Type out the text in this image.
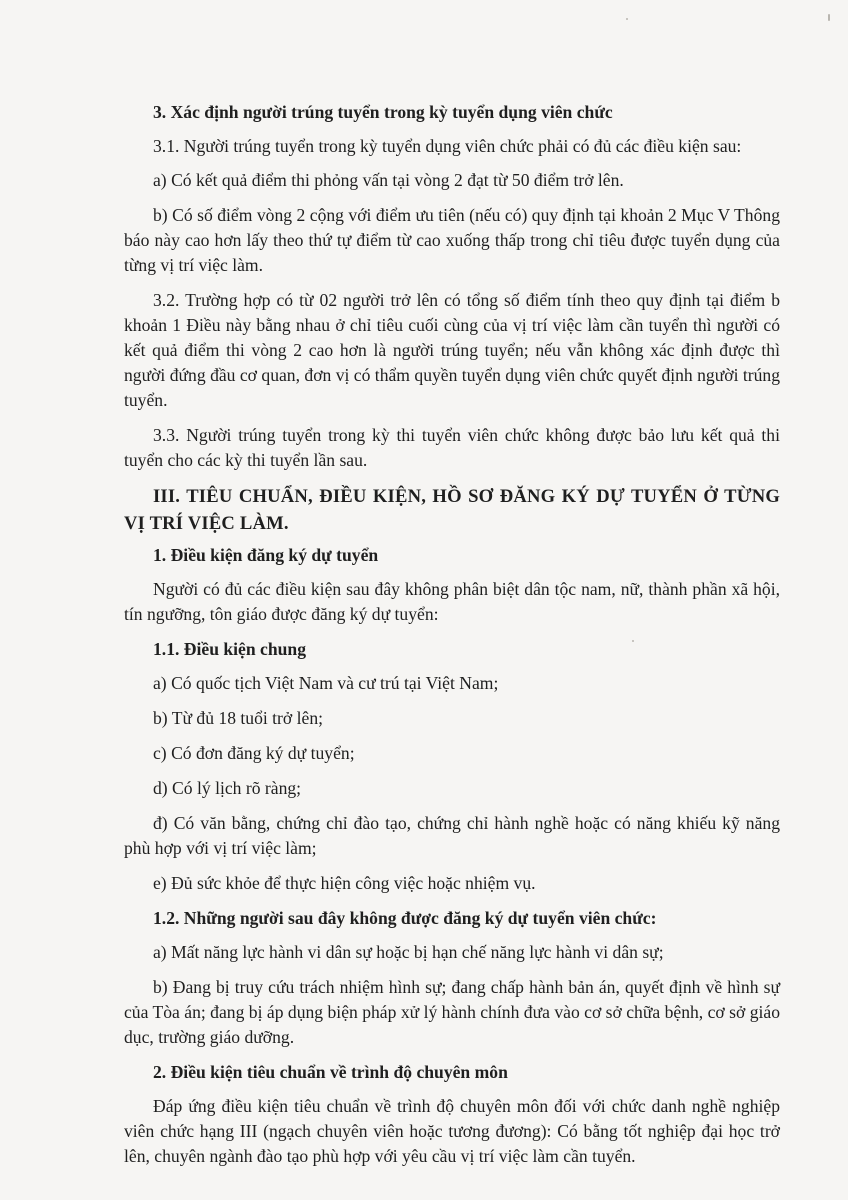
3. Xác định người trúng tuyển trong kỳ tuyển dụng viên chức
3.1. Người trúng tuyển trong kỳ tuyển dụng viên chức phải có đủ các điều kiện sau:
a) Có kết quả điểm thi phỏng vấn tại vòng 2 đạt từ 50 điểm trở lên.
b) Có số điểm vòng 2 cộng với điểm ưu tiên (nếu có) quy định tại khoản 2 Mục V Thông báo này cao hơn lấy theo thứ tự điểm từ cao xuống thấp trong chỉ tiêu được tuyển dụng của từng vị trí việc làm.
3.2. Trường hợp có từ 02 người trở lên có tổng số điểm tính theo quy định tại điểm b khoản 1 Điều này bằng nhau ở chỉ tiêu cuối cùng của vị trí việc làm cần tuyển thì người có kết quả điểm thi vòng 2 cao hơn là người trúng tuyển; nếu vẫn không xác định được thì người đứng đầu cơ quan, đơn vị có thẩm quyền tuyển dụng viên chức quyết định người trúng tuyển.
3.3. Người trúng tuyển trong kỳ thi tuyển viên chức không được bảo lưu kết quả thi tuyển cho các kỳ thi tuyển lần sau.
III. TIÊU CHUẨN, ĐIỀU KIỆN, HỒ SƠ ĐĂNG KÝ DỰ TUYỂN Ở TỪNG VỊ TRÍ VIỆC LÀM.
1. Điều kiện đăng ký dự tuyển
Người có đủ các điều kiện sau đây không phân biệt dân tộc nam, nữ, thành phần xã hội, tín ngưỡng, tôn giáo được đăng ký dự tuyển:
1.1. Điều kiện chung
a) Có quốc tịch Việt Nam và cư trú tại Việt Nam;
b) Từ đủ 18 tuổi trở lên;
c) Có đơn đăng ký dự tuyển;
d) Có lý lịch rõ ràng;
đ) Có văn bằng, chứng chỉ đào tạo, chứng chỉ hành nghề hoặc có năng khiếu kỹ năng phù hợp với vị trí việc làm;
e) Đủ sức khỏe để thực hiện công việc hoặc nhiệm vụ.
1.2. Những người sau đây không được đăng ký dự tuyển viên chức:
a) Mất năng lực hành vi dân sự hoặc bị hạn chế năng lực hành vi dân sự;
b) Đang bị truy cứu trách nhiệm hình sự; đang chấp hành bản án, quyết định về hình sự của Tòa án; đang bị áp dụng biện pháp xử lý hành chính đưa vào cơ sở chữa bệnh, cơ sở giáo dục, trường giáo dưỡng.
2. Điều kiện tiêu chuẩn về trình độ chuyên môn
Đáp ứng điều kiện tiêu chuẩn về trình độ chuyên môn đối với chức danh nghề nghiệp viên chức hạng III (ngạch chuyên viên hoặc tương đương): Có bằng tốt nghiệp đại học trở lên, chuyên ngành đào tạo phù hợp với yêu cầu vị trí việc làm cần tuyển.
